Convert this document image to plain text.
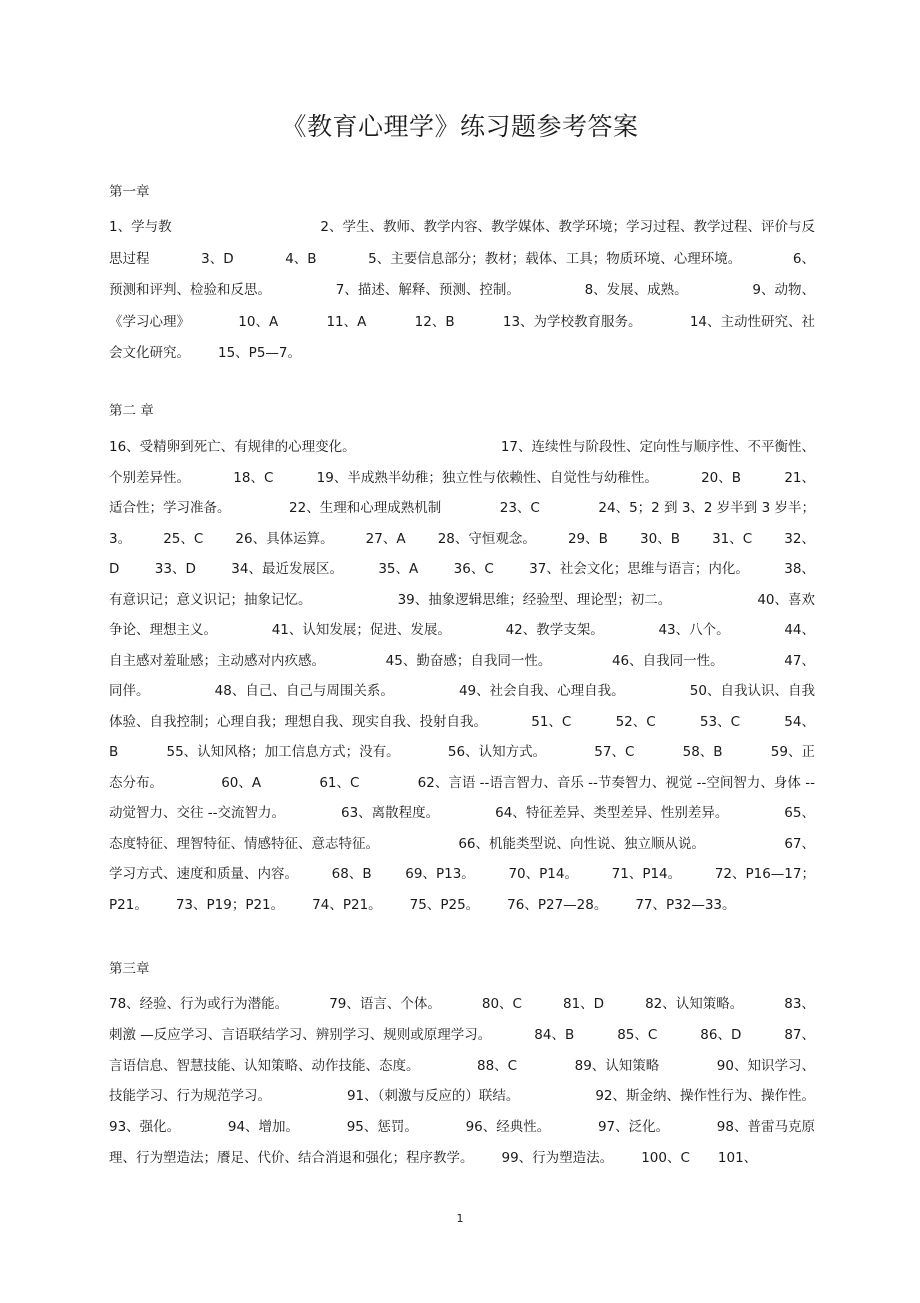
《教育心理学》练习题参考答案
第一章
1、学与教	2、学生、教师、教学内容、教学媒体、教学环境；学习过程、教学过程、评价与反
思过程	3、D	4、B	5、主要信息部分；教材；载体、工具；物质环境、心理环境。	6、
预测和评判、检验和反思。	7、描述、解释、预测、控制。	8、发展、成熟。	9、动物、
《学习心理》	10、A	11、A	12、B	13、为学校教育服务。	14、主动性研究、社
会文化研究。 15、P5—7。
第二 章
16、受精卵到死亡、有规律的心理变化。	17、连续性与阶段性、定向性与顺序性、不平衡性、
个别差异性。	18、C	19、半成熟半幼稚；独立性与依赖性、自觉性与幼稚性。	20、B	21、
适合性；学习准备。	22、生理和心理成熟机制	23、C	24、5；2 到 3、2 岁半到 3 岁半；
3。 25、C 26、具体运算。 27、A 28、守恒观念。 29、B 30、B 31、C 32、
D	33、D	34、最近发展区。	35、A	36、C	37、社会文化；思维与语言；内化。	38、
有意识记；意义识记；抽象记忆。	39、抽象逻辑思维；经验型、理论型；初二。	40、喜欢
争论、理想主义。	41、认知发展；促进、发展。	42、教学支架。	43、八个。	44、
自主感对羞耻感；主动感对内疚感。	45、勤奋感；自我同一性。	46、自我同一性。	47、
同伴。	48、自己、自己与周围关系。	49、社会自我、心理自我。	50、自我认识、自我
体验、自我控制；心理自我；理想自我、现实自我、投射自我。	51、C	52、C	53、C	54、
B	55、认知风格；加工信息方式；没有。	56、认知方式。	57、C	58、B	59、正
态分布。	60、A	61、C	62、言语 --语言智力、音乐 --节奏智力、视觉 --空间智力、身体 --
动觉智力、交往 --交流智力。	63、离散程度。	64、特征差异、类型差异、性别差异。	65、
态度特征、理智特征、情感特征、意志特征。	66、机能类型说、向性说、独立顺从说。	67、
学习方式、速度和质量、内容。 68、B 69、P13。 70、P14。 71、P14。 72、P16—17；
P21。 73、P19；P21。 74、P21。 75、P25。 76、P27—28。 77、P32—33。
第三章
78、经验、行为或行为潜能。	79、语言、个体。	80、C	81、D	82、认知策略。	83、
刺激 —反应学习、言语联结学习、辨别学习、规则或原理学习。	84、B	85、C	86、D	87、
言语信息、智慧技能、认知策略、动作技能、态度。	88、C	89、认知策略	90、知识学习、
技能学习、行为规范学习。	91、（刺激与反应的）联结。	92、斯金纳、操作性行为、操作性。
93、强化。	94、增加。	95、惩罚。	96、经典性。	97、泛化。	98、普雷马克原
理、行为塑造法；餍足、代价、结合消退和强化；程序教学。 99、行为塑造法。 100、C 101、
1
